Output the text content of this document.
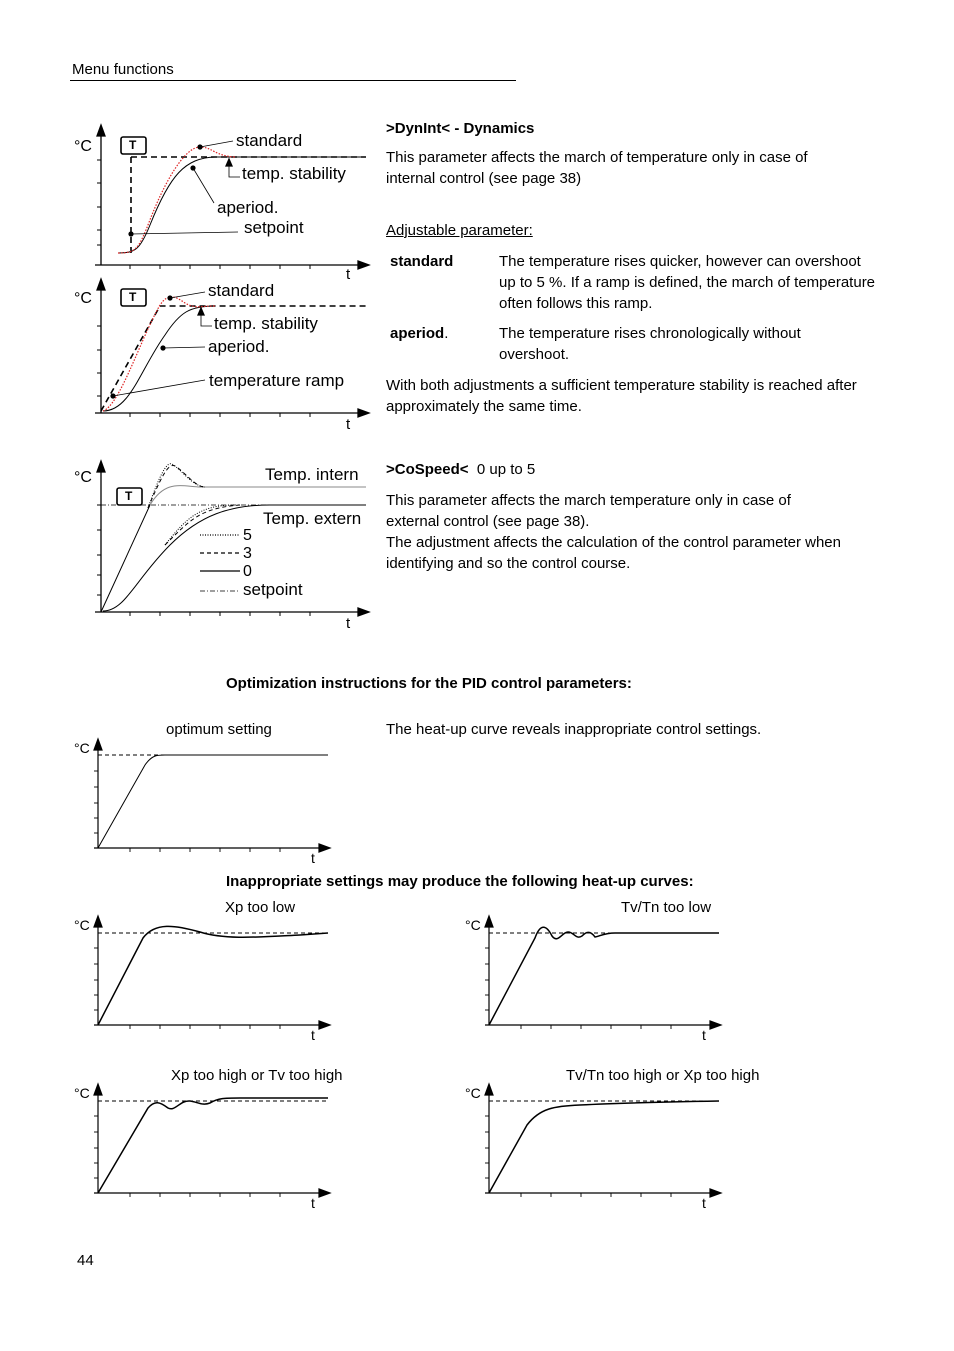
Menu functions
>DynInt< - Dynamics
This parameter affects the march of temperature only in case of internal control (see page 38)
Adjustable parameter:
standard	The temperature rises quicker, however can overshoot up to 5 %. If a ramp is defined, the march of temperature often follows this ramp.
aperiod.	The temperature rises chronologically without overshoot.
With both adjustments a sufficient temperature stability is reached after approximately the same time.
>CoSpeed< 0 up to 5
This parameter affects the march temperature only in case of external control (see page 38).
The adjustment affects the calculation of the control parameter when identifying and so the control course.
°C	T	standard
temp. stability
aperiod.
setpoint
t
°C	T	standard
temp. stability
aperiod.
temperature ramp
t
°C
T
Temp. intern
Temp. extern
5
3
0
setpoint
t
Optimization instructions for the PID control parameters:
optimum setting	The heat-up curve reveals inappropriate control settings.
°C
t
Inappropriate settings may produce the following heat-up curves:
Xp too low	Tv/Tn too low
Xp too high or Tv too high	Tv/Tn too high or Xp too high
°C	°C
°C	°C
t	t
t	t
44
